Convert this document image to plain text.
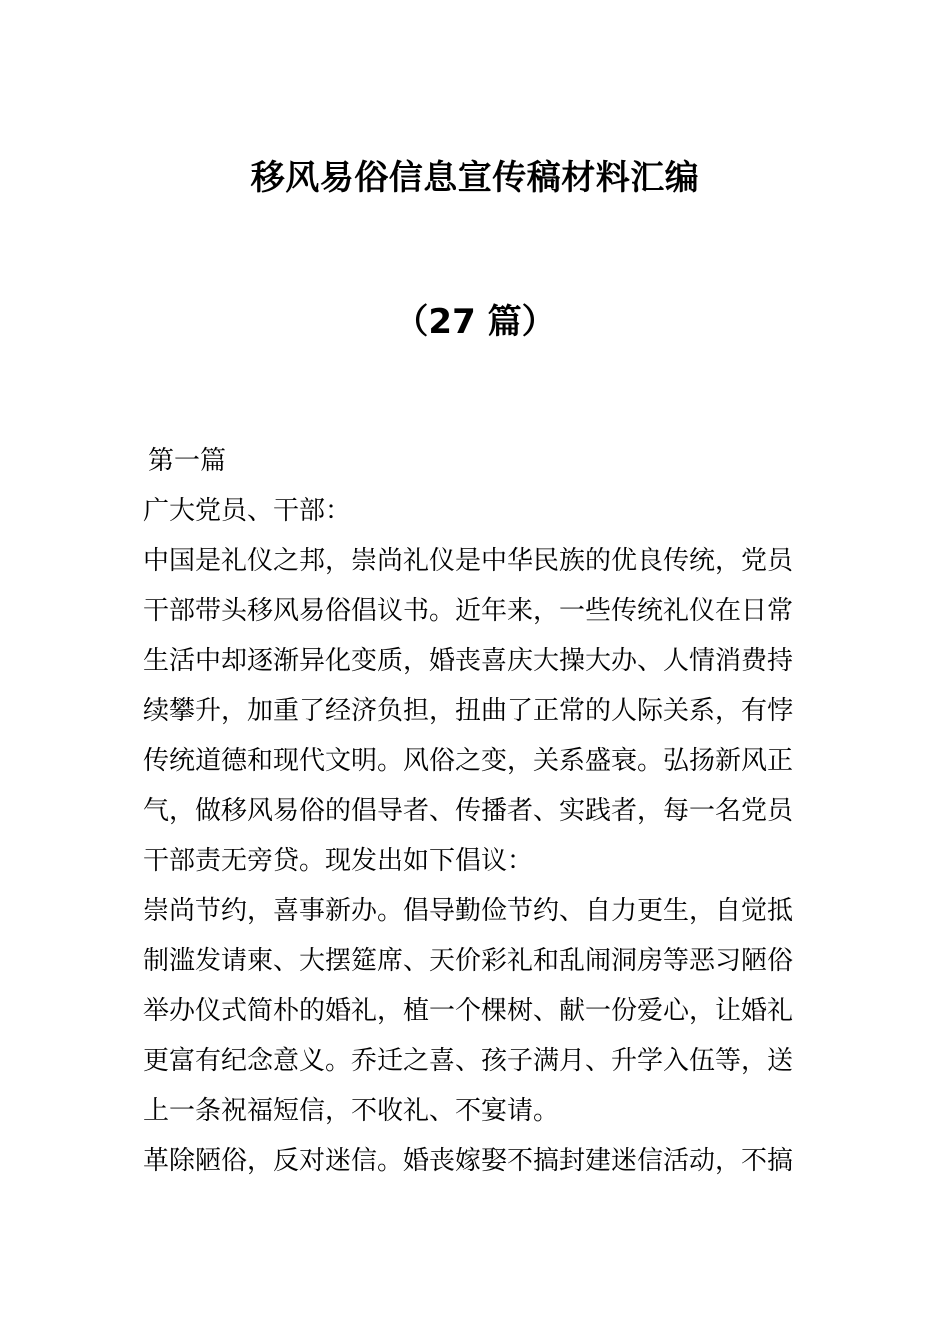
移风易俗信息宣传稿材料汇编
（27 篇）
第一篇
广大党员、干部：
中国是礼仪之邦，崇尚礼仪是中华民族的优良传统，党员
干部带头移风易俗倡议书。近年来，一些传统礼仪在日常
生活中却逐渐异化变质，婚丧喜庆大操大办、人情消费持
续攀升，加重了经济负担，扭曲了正常的人际关系，有悖
传统道德和现代文明。风俗之变，关系盛衰。弘扬新风正
气，做移风易俗的倡导者、传播者、实践者，每一名党员
干部责无旁贷。现发出如下倡议：
崇尚节约，喜事新办。倡导勤俭节约、自力更生，自觉抵
制滥发请柬、大摆筵席、天价彩礼和乱闹洞房等恶习陋俗
举办仪式简朴的婚礼，植一个棵树、献一份爱心，让婚礼
更富有纪念意义。乔迁之喜、孩子满月、升学入伍等，送
上一条祝福短信，不收礼、不宴请。
革除陋俗，反对迷信。婚丧嫁娶不搞封建迷信活动，不搞
